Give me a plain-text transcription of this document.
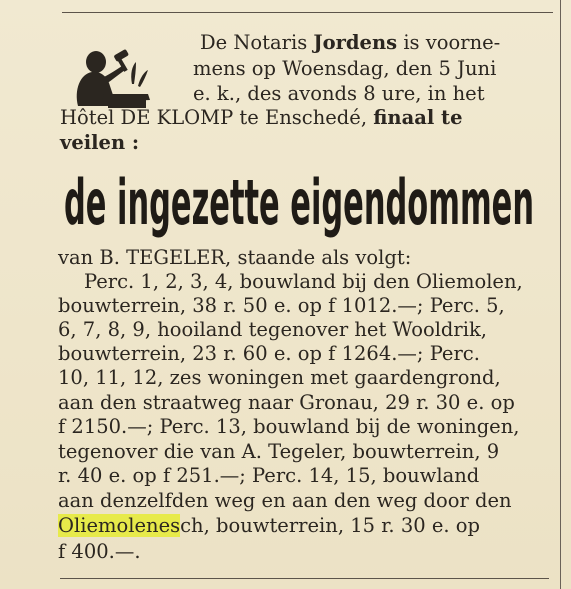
De Notaris Jordens is voorne-
mens op Woensdag, den 5 Juni
e. k., des avonds 8 ure, in het
Hôtel DE KLOMP te Enschedé, finaal te
veilen :
de ingezette eigendommen
van B. TEGELER, staande als volgt:
Perc. 1, 2, 3, 4, bouwland bij den Oliemolen,
bouwterrein, 38 r. 50 e. op f 1012.—; Perc. 5,
6, 7, 8, 9, hooiland tegenover het Wooldrik,
bouwterrein, 23 r. 60 e. op f 1264.—; Perc.
10, 11, 12, zes woningen met gaardengrond,
aan den straatweg naar Gronau, 29 r. 30 e. op
f 2150.—; Perc. 13, bouwland bij de woningen,
tegenover die van A. Tegeler, bouwterrein, 9
r. 40 e. op f 251.—; Perc. 14, 15, bouwland
aan denzelfden weg en aan den weg door den
Oliemolenesch, bouwterrein, 15 r. 30 e. op
f 400.—.
